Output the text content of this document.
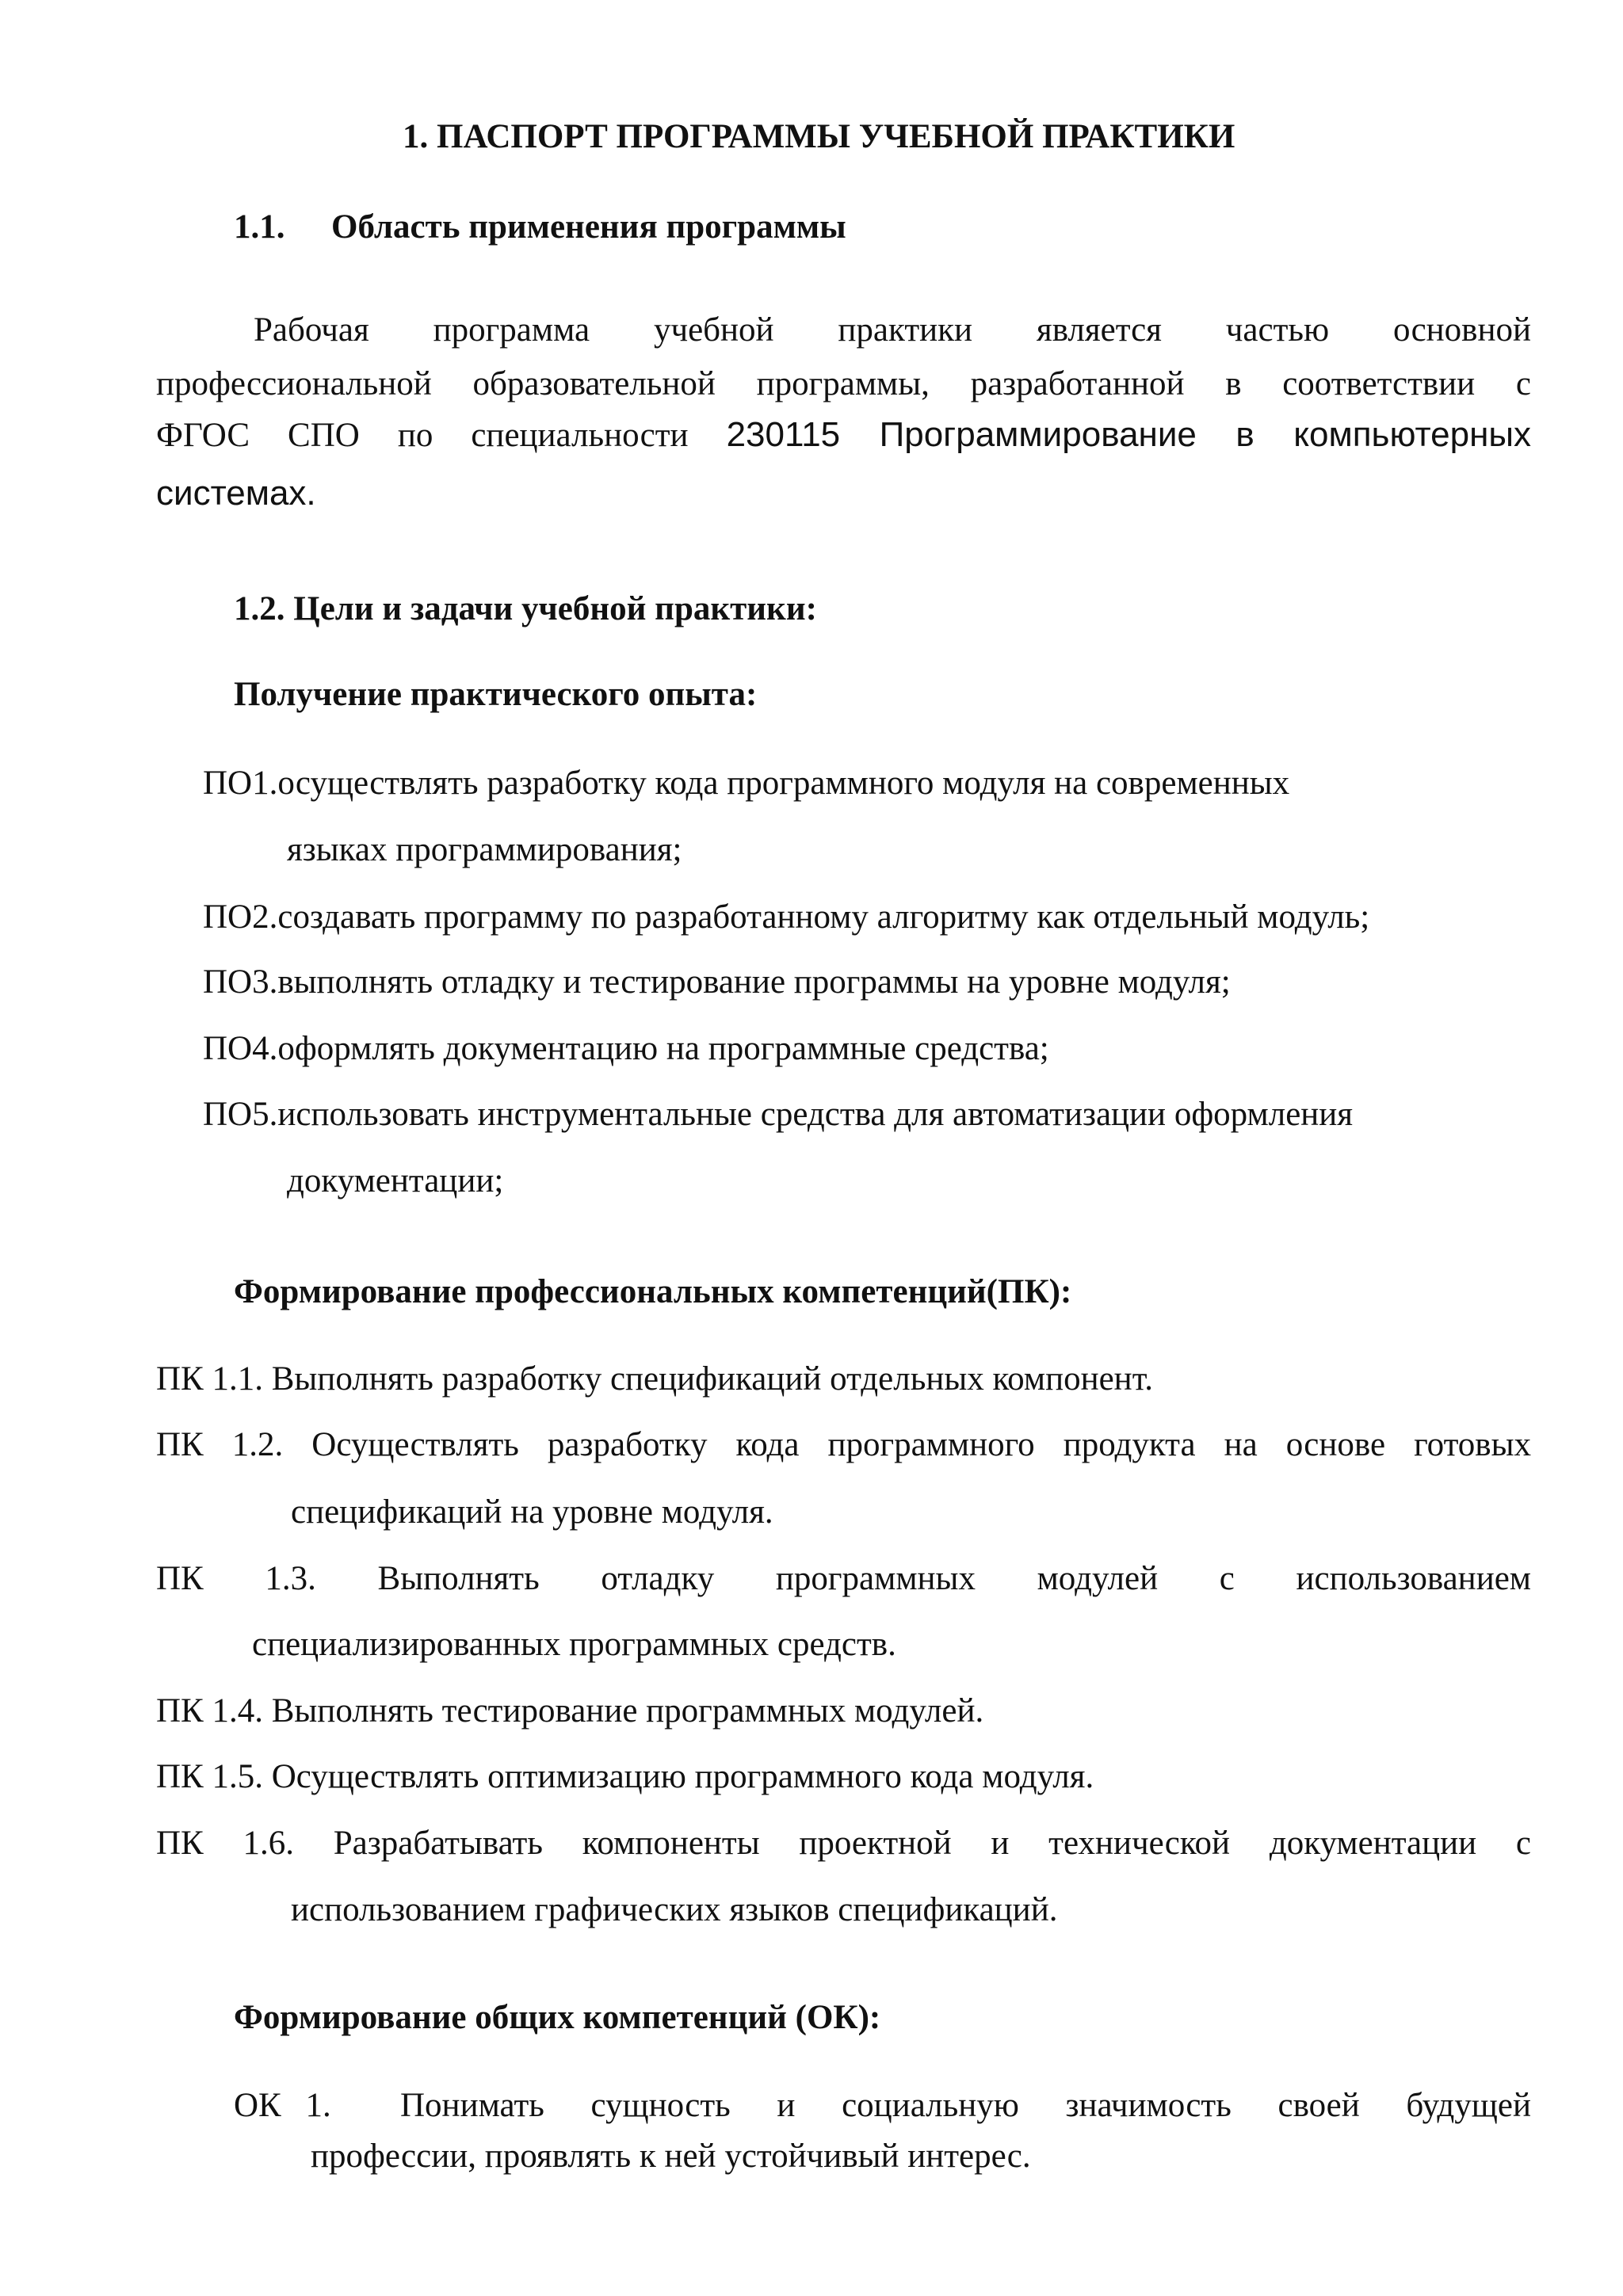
1. ПАСПОРТ ПРОГРАММЫ УЧЕБНОЙ ПРАКТИКИ
1.1. Область применения программы
Рабочая программа учебной практики является частью основной
профессиональной образовательной программы, разработанной в соответствии с
ФГОС СПО по специальности 230115 Программирование в компьютерных
системах.
1.2. Цели и задачи учебной практики:
Получение практического опыта:
ПО1.осуществлять разработку кода программного модуля на современных
языках программирования;
ПО2.создавать программу по разработанному алгоритму как отдельный модуль;
ПО3.выполнять отладку и тестирование программы на уровне модуля;
ПО4.оформлять документацию на программные средства;
ПО5.использовать инструментальные средства для автоматизации оформления
документации;
Формирование профессиональных компетенций(ПК):
ПК 1.1. Выполнять разработку спецификаций отдельных компонент.
ПК 1.2. Осуществлять разработку кода программного продукта на основе готовых
спецификаций на уровне модуля.
ПК 1.3. Выполнять отладку программных модулей с использованием
специализированных программных средств.
ПК 1.4. Выполнять тестирование программных модулей.
ПК 1.5. Осуществлять оптимизацию программного кода модуля.
ПК 1.6. Разрабатывать компоненты проектной и технической документации с
использованием графических языков спецификаций.
Формирование общих компетенций (ОК):
ОК 1. Понимать сущность и социальную значимость своей будущей
профессии, проявлять к ней устойчивый интерес.
